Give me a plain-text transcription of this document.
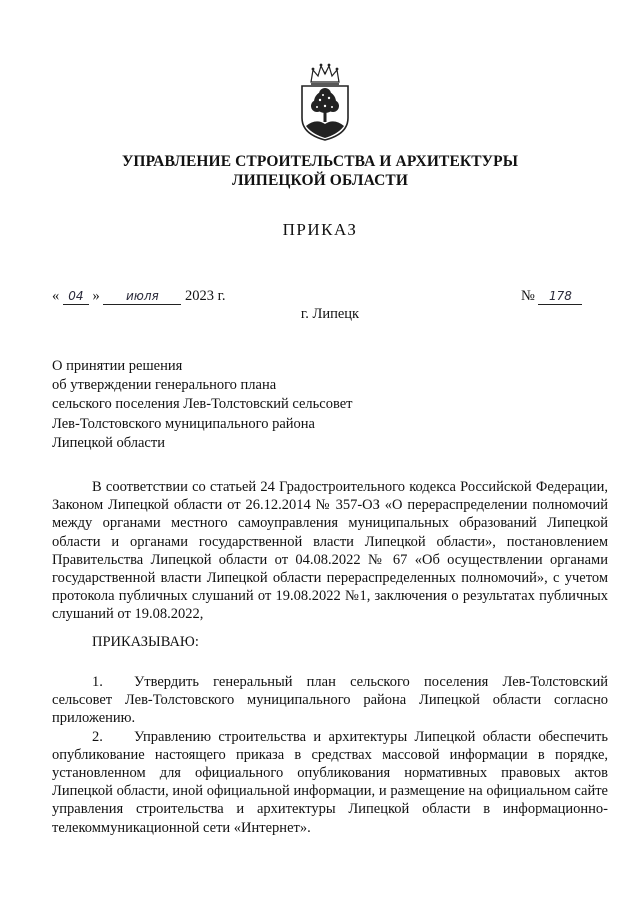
УПРАВЛЕНИЕ СТРОИТЕЛЬСТВА И АРХИТЕКТУРЫ
ЛИПЕЦКОЙ ОБЛАСТИ
ПРИКАЗ
« 04 » июля 2023 г.	№ 178
г. Липецк
О принятии решения
об утверждении генерального плана
сельского поселения Лев-Толстовский сельсовет
Лев-Толстовского муниципального района
Липецкой области
В соответствии со статьей 24 Градостроительного кодекса Российской Федерации, Законом Липецкой области от 26.12.2014 № 357-ОЗ «О перераспределении полномочий между органами местного самоуправления муниципальных образований Липецкой области и органами государственной власти Липецкой области», постановлением Правительства Липецкой области от 04.08.2022 № 67 «Об осуществлении органами государственной власти Липецкой области перераспределенных полномочий», с учетом протокола публичных слушаний от 19.08.2022 №1, заключения о результатах публичных слушаний от 19.08.2022,
ПРИКАЗЫВАЮ:
1. Утвердить генеральный план сельского поселения Лев-Толстовский сельсовет Лев-Толстовского муниципального района Липецкой области согласно приложению.
2. Управлению строительства и архитектуры Липецкой области обеспечить опубликование настоящего приказа в средствах массовой информации в порядке, установленном для официального опубликования нормативных правовых актов Липецкой области, иной официальной информации, и размещение на официальном сайте управления строительства и архитектуры Липецкой области в информационно-телекоммуникационной сети «Интернет».
